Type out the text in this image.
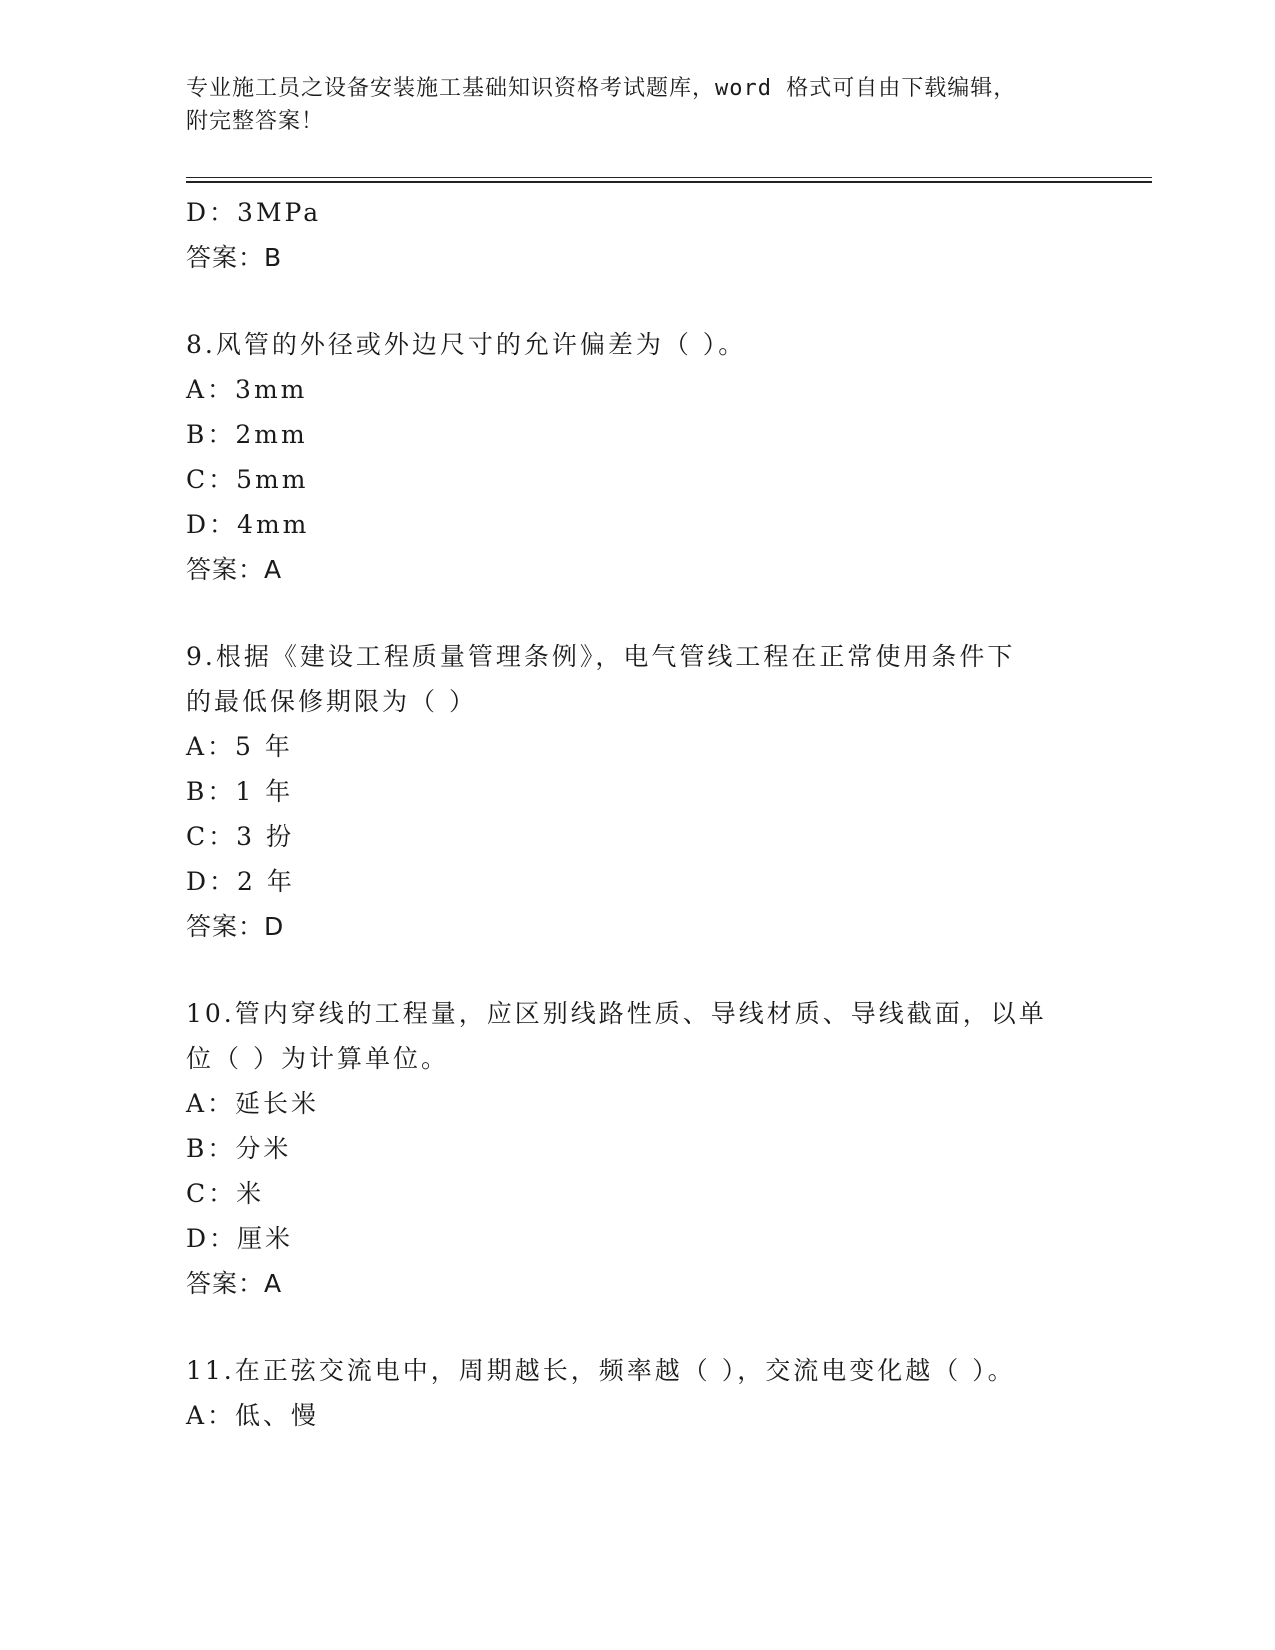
专业施工员之设备安装施工基础知识资格考试题库，word 格式可自由下载编辑，
附完整答案！
D：3MPa
答案：B
8.风管的外径或外边尺寸的允许偏差为（ ）。
A：3mm
B：2mm
C：5mm
D：4mm
答案：A
9.根据《建设工程质量管理条例》，电气管线工程在正常使用条件下
的最低保修期限为（ ）
A：5 年
B：1 年
C：3 扮
D：2 年
答案：D
10.管内穿线的工程量，应区别线路性质、导线材质、导线截面，以单
位（ ）为计算单位。
A：延长米
B：分米
C：米
D：厘米
答案：A
11.在正弦交流电中，周期越长，频率越（ ），交流电变化越（ ）。
A：低、慢
